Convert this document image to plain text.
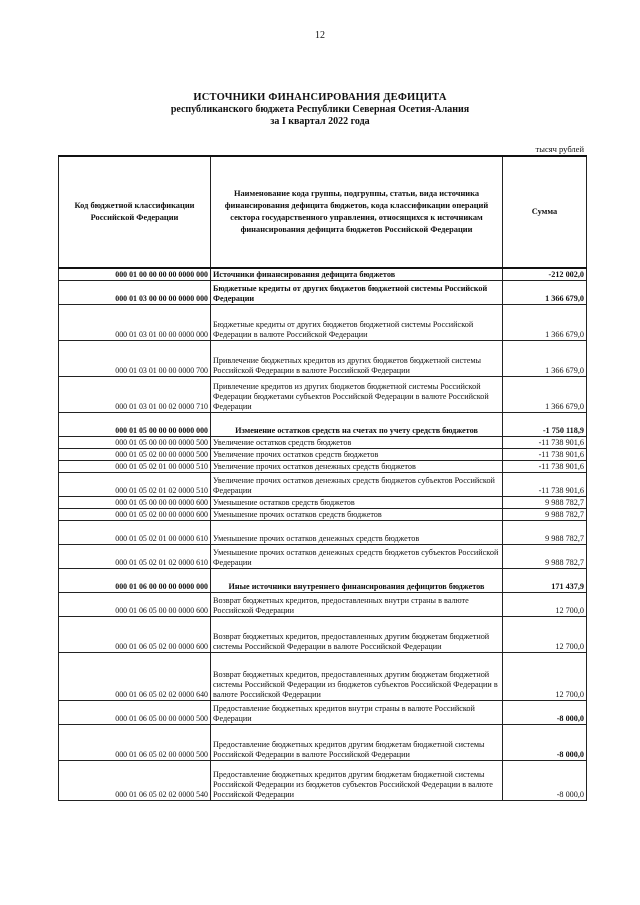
12
ИСТОЧНИКИ ФИНАНСИРОВАНИЯ ДЕФИЦИТА
республиканского бюджета Республики Северная Осетия-Алания
за I квартал 2022 года
тысяч рублей
Код бюджетной классификации Российской Федерации	Наименование кода группы, подгруппы, статьи, вида источника финансирования дефицита бюджетов, кода классификации операций сектора государственного управления, относящихся к источникам финансирования дефицита бюджетов Российской Федерации	Сумма
000 01 00 00 00 00 0000 000	Источники финансирования дефицита бюджетов	-212 002,0
000 01 03 00 00 00 0000 000	Бюджетные кредиты от других бюджетов бюджетной системы Российской Федерации	1 366 679,0
000 01 03 01 00 00 0000 000	Бюджетные кредиты от других бюджетов бюджетной системы Российской Федерации в валюте Российской Федерации	1 366 679,0
000 01 03 01 00 00 0000 700	Привлечение бюджетных кредитов из других бюджетов бюджетной системы Российской Федерации в валюте Российской Федерации	1 366 679,0
000 01 03 01 00 02 0000 710	Привлечение кредитов из других бюджетов бюджетной системы Российской Федерации бюджетами субъектов Российской Федерации в валюте Российской Федерации	1 366 679,0
000 01 05 00 00 00 0000 000	Изменение остатков средств на счетах по учету средств бюджетов	-1 750 118,9
000 01 05 00 00 00 0000 500	Увеличение остатков средств бюджетов	-11 738 901,6
000 01 05 02 00 00 0000 500	Увеличение прочих остатков средств бюджетов	-11 738 901,6
000 01 05 02 01 00 0000 510	Увеличение прочих остатков денежных средств бюджетов	-11 738 901,6
000 01 05 02 01 02 0000 510	Увеличение прочих остатков денежных средств бюджетов субъектов Российской Федерации	-11 738 901,6
000 01 05 00 00 00 0000 600	Уменьшение остатков средств бюджетов	9 988 782,7
000 01 05 02 00 00 0000 600	Уменьшение прочих остатков средств бюджетов	9 988 782,7
000 01 05 02 01 00 0000 610	Уменьшение прочих остатков денежных средств бюджетов	9 988 782,7
000 01 05 02 01 02 0000 610	Уменьшение прочих остатков денежных средств бюджетов субъектов Российской Федерации	9 988 782,7
000 01 06 00 00 00 0000 000	Иные источники внутреннего финансирования дефицитов бюджетов	171 437,9
000 01 06 05 00 00 0000 600	Возврат бюджетных кредитов, предоставленных внутри страны в валюте Российской Федерации	12 700,0
000 01 06 05 02 00 0000 600	Возврат бюджетных кредитов, предоставленных другим бюджетам бюджетной системы Российской Федерации в валюте Российской Федерации	12 700,0
000 01 06 05 02 02 0000 640	Возврат бюджетных кредитов, предоставленных другим бюджетам бюджетной системы Российской Федерации из бюджетов субъектов Российской Федерации в валюте Российской Федерации	12 700,0
000 01 06 05 00 00 0000 500	Предоставление бюджетных кредитов внутри страны в валюте Российской Федерации	-8 000,0
000 01 06 05 02 00 0000 500	Предоставление бюджетных кредитов другим бюджетам бюджетной системы Российской Федерации в валюте Российской Федерации	-8 000,0
000 01 06 05 02 02 0000 540	Предоставление бюджетных кредитов другим бюджетам бюджетной системы Российской Федерации из бюджетов субъектов Российской Федерации в валюте Российской Федерации	-8 000,0
